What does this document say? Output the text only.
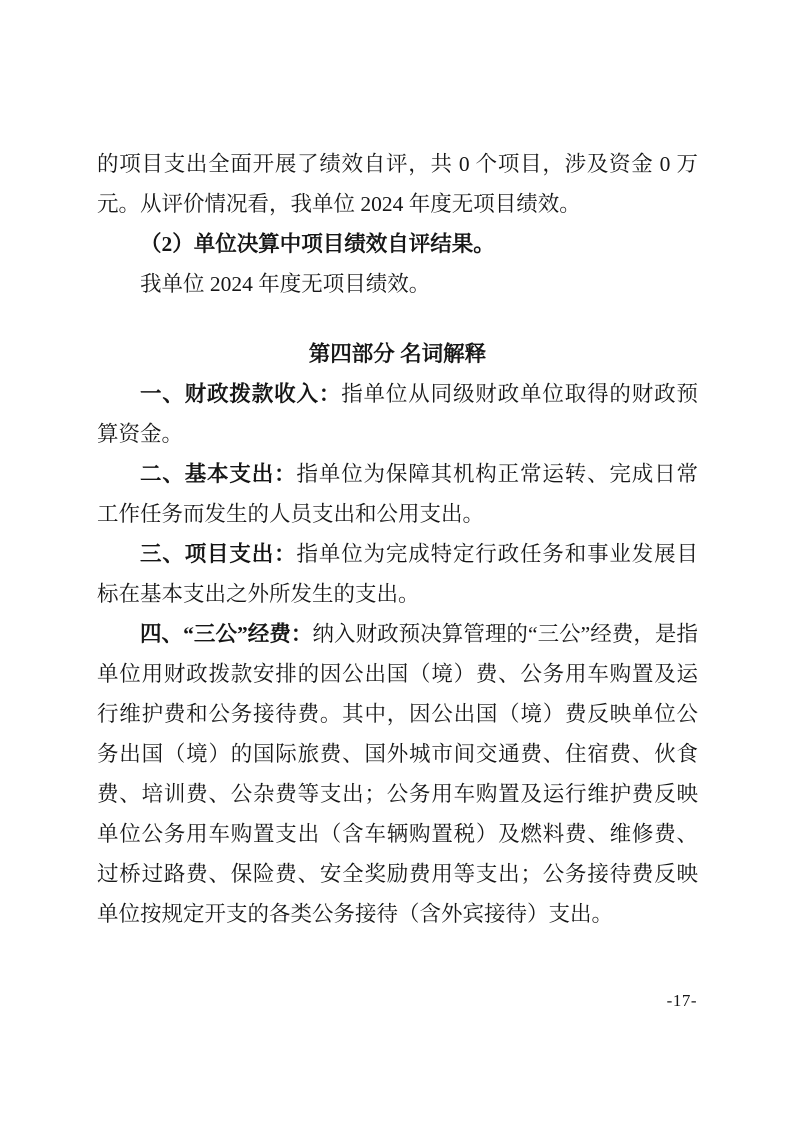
的项目支出全面开展了绩效自评，共 0 个项目，涉及资金 0 万元。从评价情况看，我单位 2024 年度无项目绩效。

（2）单位决算中项目绩效自评结果。

我单位 2024 年度无项目绩效。

第四部分 名词解释

一、财政拨款收入：指单位从同级财政单位取得的财政预算资金。

二、基本支出：指单位为保障其机构正常运转、完成日常工作任务而发生的人员支出和公用支出。

三、项目支出：指单位为完成特定行政任务和事业发展目标在基本支出之外所发生的支出。

四、“三公”经费：纳入财政预决算管理的“三公”经费，是指单位用财政拨款安排的因公出国（境）费、公务用车购置及运行维护费和公务接待费。其中，因公出国（境）费反映单位公务出国（境）的国际旅费、国外城市间交通费、住宿费、伙食费、培训费、公杂费等支出；公务用车购置及运行维护费反映单位公务用车购置支出（含车辆购置税）及燃料费、维修费、过桥过路费、保险费、安全奖励费用等支出；公务接待费反映单位按规定开支的各类公务接待（含外宾接待）支出。

-17-
